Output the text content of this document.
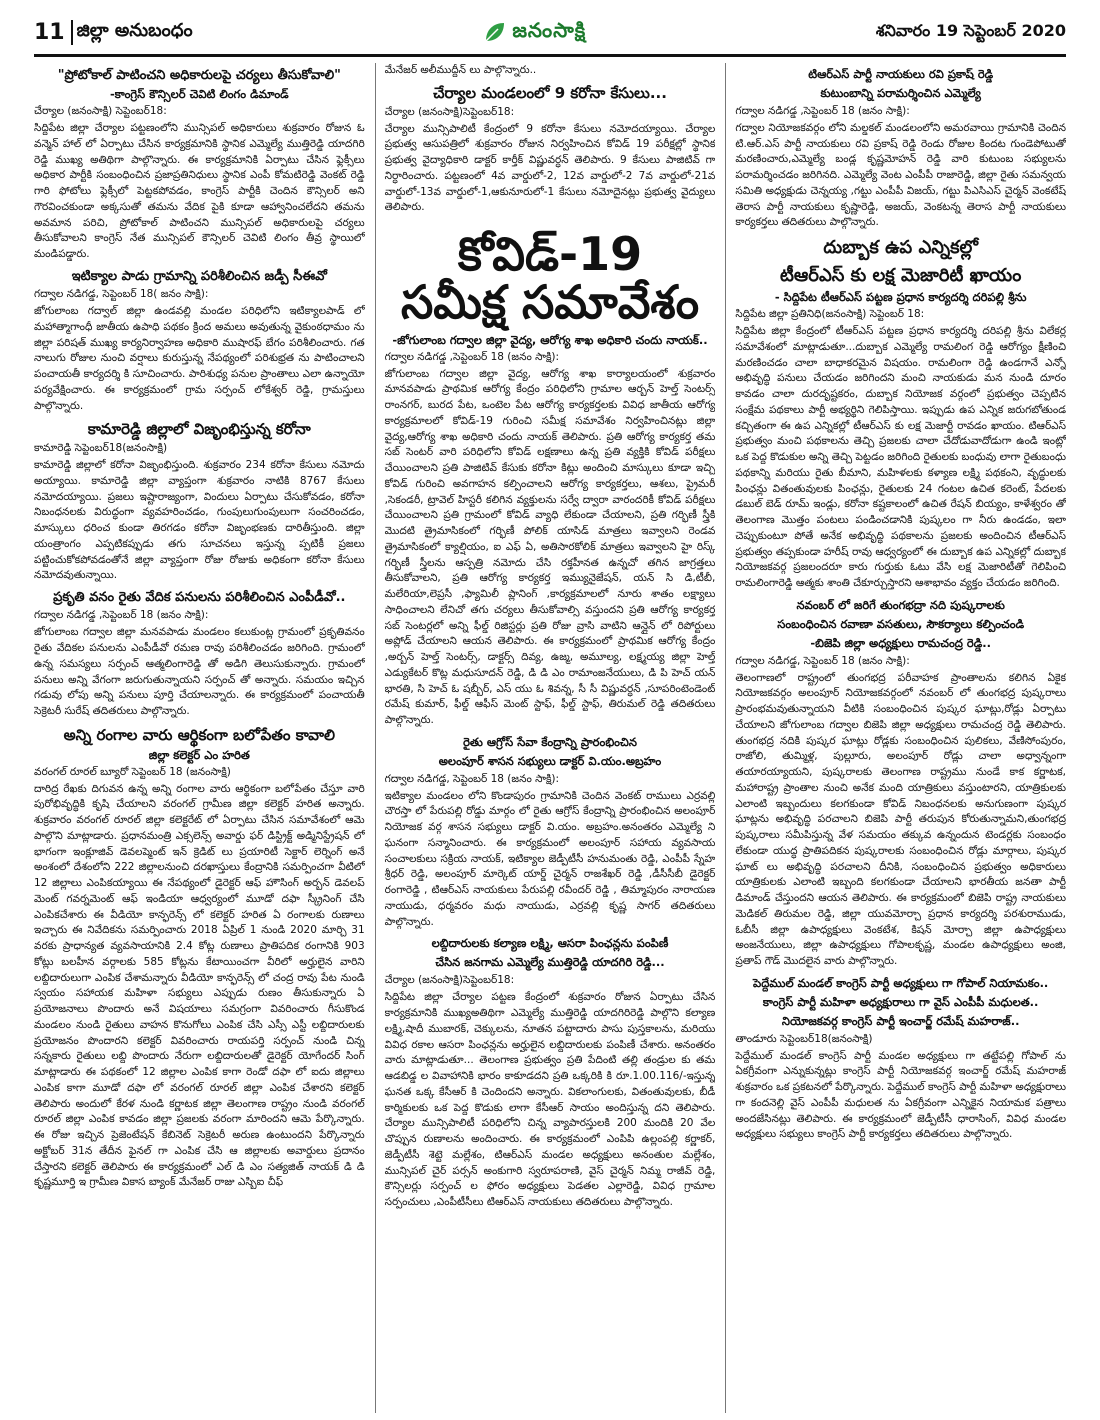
11 జిల్లా అనుబంధం	జనంసాక్షి	శనివారం 19 సెప్టెంబర్ 2020
"ప్రోటోకాల్ పాటించని అధికారులపై చర్యలు తీసుకోవాలి"
-కాంగ్రెస్ కౌన్సిలర్ చెవిటి లింగం డిమాండ్
చేర్యాల (జనంసాక్షి) సెప్టెంబర్18:

సిద్దిపేట జిల్లా చేర్యాల పట్టణంలోని మున్సిపల్ అధికారులు శుక్రవారం రోజున ఓ వన్మెన్ హాల్ లో ఏర్పాటు చేసిన కార్యక్రమానికి స్థానిక ఎమ్మెల్యే ముత్తిరెడ్డి యాదగిరి రెడ్డి ముఖ్య అతిథిగా పాల్గొన్నారు. ఈ కార్యక్రమానికి ఏర్పాటు చేసిన ఫ్లెక్సీలు అధికార పార్టీకి సంబంధించిన ప్రజాప్రతినిధులు స్థానిక ఎంపీ కోమటిరెడ్డి వెంకట్ రెడ్డి గారి ఫోటోలు ఫ్లెక్సీలో పెట్టకపోవడం, కాంగ్రెస్ పార్టీకి చెందిన కౌన్సిలర్ అని గౌరవించకుండా అక్కసుతో తమను వేదిక పైకి కూడా ఆహ్వానించలేదని తమను అవమాన పరిచి, ప్రోటోకాల్ పాటించని మున్సిపల్ అధికారులపై చర్యలు తీసుకోవాలని కాంగ్రెస్ నేత మున్సిపల్ కౌన్సిలర్ చెవిటి లింగం తీవ్ర స్థాయిలో మండిపడ్డారు.

ఇటిక్యాల పాడు గ్రామాన్ని పరిశీలించిన జడ్పీ సీఈవో
గద్వాల నడిగడ్డ, సెప్టెంబర్ 18( జనం సాక్షి):

జోగులాంబ గద్వాల్ జిల్లా ఉండవల్లి మండల పరిధిలోని ఇటిక్యాలపాడ్ లో మహాత్మాగాంధీ జాతీయ ఉపాధి పథకం క్రింద అమలు అవుతున్న వైకుంఠధామం ను జిల్లా పరిషత్ ముఖ్య కార్యనిర్వాహణ అధికారి ముషారఫ్ బేగం పరిశీలించారు. గత నాలుగు రోజుల నుంచి వర్షాలు కురుస్తున్న నేపథ్యంలో పరిశుభ్రత ను పాటించాలని పంచాయతీ కార్యదర్శి కి సూచించారు. పారిశుధ్య పనుల ప్రాంతాలు ఎలా ఉన్నాయో పర్యవేక్షించారు. ఈ కార్యక్రమంలో గ్రామ సర్పంచ్ లోకేశ్వర్ రెడ్డి, గ్రామస్తులు పాల్గొన్నారు.

కామారెడ్డి జిల్లాలో విజృంభిస్తున్న కరోనా
కామారెడ్డి సెప్టెంబర్18(జనంసాక్షి)

కామారెడ్డి జిల్లాలో కరోనా విజృంభిస్తుంది. శుక్రవారం 234 కరోనా కేసులు నమోదు అయ్యాయి. కామారెడ్డి జిల్లా వ్యాప్తంగా శుక్రవారం నాటికి 8767 కేసులు నమోదయ్యాయి. ప్రజలు ఇష్టారాజ్యంగా, విందులు ఏర్పాటు చేసుకోవడం, కరోనా నిబంధనలకు విరుద్ధంగా వ్యవహరించడం, గుంపులుగుంపులుగా సంచరించడం, మాస్కులు ధరించ కుండా తిరగడం కరోనా విజృంభణకు దారితీస్తుంది. జిల్లా యంత్రాంగం ఎప్పటికప్పుడు తగు సూచనలు ఇస్తున్న ప్పటికీ ప్రజలు పట్టించుకోకపోవడంతోనే జిల్లా వ్యాప్తంగా రోజు రోజుకు అధికంగా కరోనా కేసులు నమోదవుతున్నాయి.

ప్రకృతి వనం రైతు వేదిక పనులను పరిశీలించిన ఎంపీడీవో..
గద్వాల నడిగడ్డ ,సెప్టెంబర్ 18 (జనం సాక్షి):

జోగులాంబ గద్వాల జిల్లా మనవపాడు మండలం కలుకుంట్ల గ్రామంలో ప్రకృతివనం రైతు వేదికల పనులను ఎంపీడీవో రమణ రావు పరిశీలించడం జరిగింది. గ్రామంలో ఉన్న సమస్యలు సర్పంచ్ ఆత్మలింగారెడ్డి తో అడిగి తెలుసుకున్నారు. గ్రామంలో పనులు అన్ని వేగంగా జరుగుతున్నాయని సర్పంచ్ తో అన్నారు. సమయం ఇచ్చిన గడువు లోపు అన్ని పనులు పూర్తి చేయాలన్నారు. ఈ కార్యక్రమంలో పంచాయతీ సెక్రెటరీ సురేష్ తదితరులు పాల్గొన్నారు.

అన్ని రంగాల వారు ఆర్థికంగా బలోపేతం కావాలి
జిల్లా కలెక్టర్ ఎం హరిత
వరంగల్ రూరల్ బ్యూరో సెప్టెంబర్ 18 (జనంసాక్షి)

దారిద్ర రేఖకు దిగువన ఉన్న అన్ని రంగాల వారు ఆర్థికంగా బలోపేతం చేస్తూ వారి పురోభివృద్ధికి కృషి చేయాలని వరంగల్ గ్రామీణ జిల్లా కలెక్టర్ హరిత అన్నారు. శుక్రవారం వరంగల్ రూరల్ జిల్లా కలెక్టరేట్ లో ఏర్పాటు చేసిన సమావేశంలో ఆమె పాల్గొని మాట్లాడారు. ప్రధానమంత్రి ఎక్సలెన్స్ అవార్డు ఫర్ డిస్ట్రిక్ట్ అడ్మినిస్ట్రేషన్ లో భాగంగా ఇంక్లూజివ్ డెవలప్మెంట్ ఇన్ క్రెడిట్ లు ప్రయారిటీ సెక్టార్ లెర్నింగ్ అనే అంశంలో దేశంలోని 222 జిల్లాలనుంచి దరఖాస్తులు కేంద్రానికి సమర్పించగా వీటిలో 12 జిల్లాలు ఎంపికయ్యాయి ఈ నేపథ్యంలో డైరెక్టర్ ఆఫ్ హౌసింగ్ అర్బన్ డెవలప్ మెంట్ గవర్నమెంట్ ఆఫ్ ఇండియా ఆధ్వర్యంలో మూడో దఫా స్క్రీనింగ్ చేసి ఎంపికచేశారు ఈ వీడియో కాన్ఫరెన్స్ లో కలెక్టర్ హరిత ఏ రంగాలకు రుణాలు ఇచ్చారు ఈ నివేదికను సమర్పించారు 2018 ఏప్రిల్ 1 నుండి 2020 మార్చి 31 వరకు ప్రాధాన్యత వ్యవసాయానికి 2.4 కోట్ల రుణాలు ప్రాతిపదిక రంగానికి 903 కోట్లు బలహీన వర్గాలకు 585 కోట్లను కేటాయించగా వీరిలో అర్హులైన వారిని లబ్దిదారులుగా ఎంపిక చేశామన్నారు వీడియో కాన్ఫరెన్స్ లో చంద్ర రావు పేట నుండి స్వయం సహాయక మహిళా సభ్యులు ఎప్పుడు రుణం తీసుకున్నారు ఏ ప్రయోజనాలు పొందారు అనే విషయాలు సమగ్రంగా వివరించారు గీసుకొండ మండలం నుండి రైతులు వాహన కొనుగోలు ఎంపిక చేసి ఎస్సీ ఎస్టీ లబ్దిదారులకు ప్రయోజనం పొందారని కలెక్టర్ వివరించారు రాయపర్తి సర్పంచ్ నుండి చిన్న సన్నకారు రైతులు లబ్ది పొందారు నేరుగా లబ్దిదారులతో డైరెక్టర్ యోగేందర్ సింగ్ మాట్లాడారు ఈ పథకంలో 12 జిల్లాల ఎంపిక కాగా రెండో దఫా లో ఐదు జిల్లాలు ఎంపిక కాగా మూడో దఫా లో వరంగల్ రూరల్ జిల్లా ఎంపిక చేశారని కలెక్టర్ తెలిపారు అందులో కేరళ నుండి కర్ణాటక జిల్లా తెలంగాణ రాష్ట్రం నుండి వరంగల్ రూరల్ జిల్లా ఎంపిక కావడం జిల్లా ప్రజలకు వరంగా మారిందని ఆమె పేర్కొన్నారు. ఈ రోజు ఇచ్చిన ప్రెజెంటేషన్ కేబినెట్ సెక్రెటరీ అరుణ ఉంటుందని పేర్కొన్నారు అక్టోబర్ 31న తేదీన ఫైనల్ గా ఎంపిక చేసి ఆ జిల్లాలకు అవార్డులు ప్రదానం చేస్తారని కలెక్టర్ తెలిపారు ఈ కార్యక్రమంలో ఎల్ డి ఎం సత్యజిత్ నాయక్ డి డి కృష్ణమూర్తి ఇ గ్రామీణ వికాస బ్యాంక్ మేనేజర్ రాజు ఎస్బిఐ చీఫ్

మేనేజర్ అలీముద్దీన్ లు పాల్గొన్నారు..

చేర్యాల మండలంలో 9 కరోనా కేసులు...
చేర్యాల (జనంసాక్షి)సెప్టెంబర్18:

చేర్యాల మున్సిపాలిటీ కేంద్రంలో 9 కరోనా కేసులు నమోదయ్యాయి. చేర్యాల ప్రభుత్వ ఆసుపత్రిలో శుక్రవారం రోజున నిర్వహించిన కోవిడ్ 19 పరీక్షల్లో స్థానిక ప్రభుత్వ వైద్యాధికారి డాక్టర్ కార్తీక్ విష్ణువర్ధన్ తెలిపారు. 9 కేసులు పాజిటివ్ గా నిర్ధారించారు. పట్టణంలో 4వ వార్డులో-2, 12వ వార్డులో-2 7వ వార్డులో-21వ వార్డులో-13వ వార్డులో-1,ఆకునూరులో-1 కేసులు నమోదైనట్లు ప్రభుత్వ వైద్యులు తెలిపారు.

కోవిడ్-19
సమీక్ష సమావేశం
-జోగులాంబ గద్వాల జిల్లా వైద్య, ఆరోగ్య శాఖ అధికారి చందు నాయక్..
గద్వాల నడిగడ్డ ,సెప్టెంబర్ 18 (జనం సాక్షి):

జోగులాంబ గద్వాల జిల్లా వైద్య, ఆరోగ్య శాఖ కార్యాలయంలో శుక్రవారం మానవపాడు ప్రాథమిక ఆరోగ్య కేంద్రం పరిధిలోని గ్రామాల ఆర్బన్ హెల్త్ సెంటర్స్ రాంనగర్, బురద పేట, ఒంటెల పేట ఆరోగ్య కార్యకర్తలకు వివిధ జాతీయ ఆరోగ్య కార్యక్రమాలలో కోవిడ్-19 గురించి సమీక్ష సమావేశం నిర్వహించినట్లు జిల్లా వైద్య,ఆరోగ్య శాఖ అధికారి చందు నాయక్ తెలిపారు. ప్రతి ఆరోగ్య కార్యకర్త తమ సబ్ సెంటర్ వారి పరిధిలోని కోవిడ్ లక్షణాలు ఉన్న ప్రతి వ్యక్తికి కోవిడ్ పరీక్షలు చేయించాలని ప్రతి పాజిటివ్ కేసుకు కరోనా కిట్లు అందించి మాస్కులు కూడా ఇచ్చి కోవిడ్ గురించి అవగాహన కల్పించాలని ఆరోగ్య కార్యకర్తలు, ఆశలు, ప్రైమరీ ,సెకండరీ, ట్రావెల్ హిస్టరీ కలిగిన వ్యక్తులను సర్వే ద్వారా వారందరికీ కోవిడ్ పరీక్షలు చేయించాలని ప్రతి గ్రామంలో కోవిడ్ వ్యాధి లేకుండా చేయాలని, ప్రతి గర్భిణీ స్త్రీకి మొదటి త్రైమాసికంలో గర్భిణీ పోలిక్ యాసిడ్ మాత్రలు ఇవ్వాలని రెండవ త్రైమాసికంలో క్యాల్షియం, ఐ ఎఫ్ ఏ, అతిసారకోలిక్ మాత్రలు ఇవ్వాలని హై రిస్క్ గర్భిణీ స్త్రీలను ఆస్పత్రి నమోదు చేసి రక్తహీనత ఉన్నచో తగిన జాగ్రత్తలు తీసుకోవాలని, ప్రతి ఆరోగ్య కార్యకర్త ఇమ్యునైజేషన్, యన్ సి డి,టీబీ, మలేరియా,లెప్రసీ ,ఫ్యామిలీ ప్లానింగ్ ,కార్యక్రమాలలో నూరు శాతం లక్ష్యాలు సాధించాలని లేనిచో తగు చర్యలు తీసుకోవాల్సి వస్తుందని ప్రతి ఆరోగ్య కార్యకర్త సబ్ సెంటర్లలో అన్ని ఫీల్డ్ రిజిస్టర్లు ప్రతి రోజు వ్రాసి వాటిని ఆన్లైన్ లో రిపోర్టులు అప్లోడ్ చేయాలని ఆయన తెలిపారు. ఈ కార్యక్రమంలో ప్రాథమిక ఆరోగ్య కేంద్రం ,అర్బన్ హెల్త్ సెంటర్స్, డాక్టర్స్ దివ్య, ఉజ్మ, అమూల్య, లక్ష్మయ్య జిల్లా హెల్త్ ఎడ్యుకేటర్ కొట్ల మధుసూదన్ రెడ్డి, డి డి ఎం రామాంజనేయులు, డి పి హెచ్ యన్ భారతి, సి హెచ్ ఓ షబ్బీర్, ఎస్ యు ఓ శివన్న, సీ సీ విష్ణువర్ధన్ ,సూపరింటెండెంట్ రమేష్ కుమార్, ఫీల్డ్ ఆఫీస్ మెంట్ స్టాఫ్, ఫీల్డ్ స్టాఫ్, తిరుమల్ రెడ్డి తదితరులు పాల్గొన్నారు.

రైతు ఆగ్రోస్ సేవా కేంద్రాన్ని ప్రారంభించిన
అలంపూర్ శాసన సభ్యులు డాక్టర్ వి.యం.అబ్రహం
గద్వాల నడిగడ్డ, సెప్టెంబర్ 18 (జనం సాక్షి):

ఇటిక్యాల మండలం లోని కొండాపురం గ్రామానికి చెందిన వెంకట్ రాములు ఎర్రవల్లి చౌరస్తా లో పేరుపల్లి రోడ్డు మార్గం లో రైతు ఆగ్రోస్ కేంద్రాన్ని ప్రారంభించిన అలంపూర్ నియోజక వర్గ శాసన సభ్యులు డాక్టర్ వి.యం. అబ్రహం.అనంతరం ఎమ్మెల్యే ని ఘనంగా సన్మానించారు. ఈ కార్యక్రమంలో అలంపూర్ సహాయ వ్యవసాయ సంచాలకులు సక్రియ నాయక్, ఇటిక్యాల జెడ్పీటీసీ హనుమంతు రెడ్డి, ఎంపీపీ స్నేహ శ్రీధర్ రెడ్డి, అలంపూర్ మార్కెట్ యార్డ్ చైర్మన్ రాజశేఖర్ రెడ్డి ,డీసీసీబీ డైరెక్టర్ రంగారెడ్డి , టిఆర్ఎస్ నాయకులు పేరుపల్లి రవీందర్ రెడ్డి , తిమ్మాపురం నారాయణ నాయుడు, ధర్మవరం మధు నాయుడు, ఎర్రవల్లి కృష్ణ సాగర్ తదితరులు పాల్గొన్నారు.

లబ్దిదారులకు కల్యాణ లక్ష్మి, ఆసరా పింఛన్లను పంపిణీ
చేసిన జనగామ ఎమ్మెల్యే ముత్తిరెడ్డి యాదగిరి రెడ్డి...
చేర్యాల (జనంసాక్షి)సెప్టెంబర్18:

సిద్దిపేట జిల్లా చేర్యాల పట్టణ కేంద్రంలో శుక్రవారం రోజున ఏర్పాటు చేసిన కార్యక్రమానికి ముఖ్యఅతిథిగా ఎమ్మెల్యే ముత్తిరెడ్డి యాదగిరిరెడ్డి పాల్గొని కల్యాణ లక్ష్మి,షాదీ ముబారక్, చెక్కులను, నూతన పట్టాదారు పాసు పుస్తకాలను, మరియు వివిధ రకాల ఆసరా పింఛన్లను అర్హులైన లబ్దిదారులకు పంపిణీ చేశారు. అనంతరం వారు మాట్లాడుతూ... తెలంగాణ ప్రభుత్వం ప్రతి పేదింటి తల్లి తండ్రుల కు తమ ఆడబిడ్డ ల వివాహానికి భారం కాకూడదని ప్రతి ఒక్కరికి కి రూ.1.00.116/-ఇస్తున్న ఘనత ఒక్క కేసీఆర్ కి చెందిందని అన్నారు. వికలాంగులకు, వితంతువులకు, బీడీ కార్మికులకు ఒక పెద్ద కొడుకు లాగా కేసీఆర్ సాయం అందిస్తున్న దని తెలిపారు. చేర్యాల మున్సిపాలిటీ పరిధిలోని చిన్న వ్యాపారస్తులకి 200 మందికి 20 వేల చొప్పున రుణాలను అందించారు. ఈ కార్యక్రమంలో ఎంపిపి ఉల్లంపల్లి కర్ణాకర్, జెడ్పీటీసీ శెట్టె మల్లేశం, టిఆర్ఎస్ మండల అధ్యక్షులు అనంతుల మల్లేశం, మున్సిపల్ చైర్ పర్సన్ అంకుగారి స్వరూపరాణి, వైస్ చైర్మన్ నిమ్మ రాజీవ్ రెడ్డి, కౌన్సిలర్లు సర్పంచ్ ల ఫోరం అధ్యక్షులు పెడతల ఎల్లారెడ్డి, వివిధ గ్రామాల సర్పంచులు ,ఎంపీటీసీలు టిఆర్ఎస్ నాయకులు తదితరులు పాల్గొన్నారు.

టిఆర్ఎస్ పార్టీ నాయకులు రవి ప్రకాష్ రెడ్డి
కుటుంబాన్ని పరామర్శించిన ఎమ్మెల్యే
గద్వాల నడిగడ్డ ,సెప్టెంబర్ 18 (జనం సాక్షి):

గద్వాల నియోజకవర్గం లోని మల్డకల్ మండలంలోని అమరవాయి గ్రామానికి చెందిన టి.ఆర్.ఎస్ పార్టీ నాయకులు రవి ప్రకాష్ రెడ్డి రెండు రోజుల కిందట గుండెపోటుతో మరణించారు,ఎమ్మెల్యే బండ్ల కృష్ణమోహన్ రెడ్డి వారి కుటుంబ సభ్యులను పరామర్శించడం జరిగినది. ఎమ్మెల్యే వెంట ఎంపీపీ రాజారెడ్డి, జిల్లా రైతు సమన్వయ సమితి అధ్యక్షుడు చెన్నయ్య ,గట్టు ఎంపీపీ విజయ్, గట్టు పిఎసిఎస్ చైర్మన్ వెంకటేష్ తెరాస పార్టీ నాయకులు కృష్ణారెడ్డి, అజయ్, వెంకటన్న తెరాస పార్టీ నాయకులు కార్యకర్తలు తదితరులు పాల్గొన్నారు.

దుబ్బాక ఉప ఎన్నికల్లో
టీఆర్ఎస్ కు లక్ష మెజారిటీ ఖాయం
- సిద్దిపేట టీఆర్ఎస్ పట్టణ ప్రధాన కార్యదర్శి దరిపల్లి శ్రీను
సిద్దిపేట జిల్లా ప్రతినిధి(జనంసాక్షి) సెప్టెంబర్ 18:

సిద్దిపేట జిల్లా కేంద్రంలో టీఆర్ఎస్ పట్టణ ప్రధాన కార్యదర్శి దరిపల్లి శ్రీను విలేకర్ల సమావేశంలో మాట్లాడుతూ...దుబ్బాక ఎమ్మెల్యే రామలింగ రెడ్డి ఆరోగ్యం క్షీణించి మరణించడం చాలా బాధాకరమైన విషయం. రామలింగా రెడ్డి ఉండగానే ఎన్నో అభివృద్ధి పనులు చేయడం జరిగిందని మంచి నాయకుడు మన నుండి దూరం కావడం చాలా దురదృష్టకరం, దుబ్బాక నియోజక వర్గంలో ప్రభుత్వం చెప్పటిన సంక్షేమ పథకాలు పార్టీ అభ్యర్థిని గెలిపిస్తాయి. ఇప్పుడు ఉప ఎన్నిక జరుగబోతుండ కచ్చితంగా ఈ ఉప ఎన్నికల్లో టీఆర్ఎస్ కు లక్ష మెజార్టీ రావడం ఖాయం. టిఆర్ఎస్ ప్రభుత్వం మంచి పథకాలను తెచ్చి ప్రజలకు చాలా చేదోడువాదోడుగా ఉండి ఇంట్లో ఒక పెద్ద కొడుకుల అన్ని తెచ్చి పెట్టడం జరిగింది రైతులకు బంధువు లాగా రైతుబంధు పథకాన్ని మరియు రైతు బీమాని, మహిళలకు కళ్యాణ లక్ష్మి పథకంని, వృద్ధులకు పింఛన్లు వితంతువులకు పింఛన్లు, రైతులకు 24 గంటల ఉచిత కరెంట్, పేదలకు డబుల్ బెడ్ రూమ్ ఇండ్లు, కరోనా కష్టకాలంలో ఉచిత రేషన్ బియ్యం, కాళేశ్వరం తో తెలంగాణ మొత్తం పంటలు పండించడానికి పుష్కలం గా నీరు ఉండడం, ఇలా చెప్పుకుంటూ పోతే అనేక అభివృద్ధి పథకాలను ప్రజలకు అందించిన టీఆర్ఎస్ ప్రభుత్వం తప్పకుండా హరీష్ రావు ఆధ్వర్యంలో ఈ దుబ్బాక ఉప ఎన్నికల్లో దుబ్బాక నియోజకవర్గ ప్రజలందరూ కారు గుర్తుకు ఓటు వేసి లక్ష మెజారిటీతో గెలిపించి రామలింగారెడ్డి ఆత్మకు శాంతి చేకూర్చుస్తారని ఆశాభావం వ్యక్తం చేయడం జరిగింది.

నవంబర్ లో జరిగే తుంగభద్రా నది పుష్కరాలకు
సంబంధించిన రవాణా వసతులు, సౌకర్యాలు కల్పించండి
-బిజెపి జిల్లా అధ్యక్షులు రామచంద్ర రెడ్డి..
గద్వాల నడిగడ్డ, సెప్టెంబర్ 18 (జనం సాక్షి):

తెలంగాణలో రాష్ట్రంలో తుంగభద్ర పరీవాహక ప్రాంతాలను కలిగిన ఏకైక నియోజకవర్గం అలంపూర్ నియోజకవర్గంలో నవంబర్ లో తుంగభద్ర పుష్కరాలు ప్రారంభమవుతున్నాయని వీటికి సంబంధించిన పుష్కర ఘాట్లు,రోడ్లు ఏర్పాటు చేయాలని జోగులాంబ గద్వాల బిజెపి జిల్లా అధ్యక్షులు రామచంద్ర రెడ్డి తెలిపారు. తుంగభద్ర నదికి పుష్కర ఘాట్లు రోడ్లకు సంబంధించిన పులికలు, వేణిసోంపురం, రాజోలి, తుమ్మిళ్ల, పుల్లూరు, అలంపూర్ రోడ్లు చాలా అధ్వాన్నంగా తయారయ్యాయని, పుష్కరాలకు తెలంగాణ రాష్ట్రము నుండే కాక కర్ణాటక, మహారాష్ట్ర ప్రాంతాల నుంచి అనేక మంది యాత్రికులు వస్తుంటారని, యాత్రికులకు ఎలాంటి ఇబ్బందులు కలగకుండా కోవిడ్ నిబంధనలకు అనుగుణంగా పుష్కర ఘాట్లను అభివృద్ధి పరచాలని బిజెపి పార్టీ తరుపున కోరుతున్నామని,తుంగభద్ర పుష్కరాలు సమీపిస్తున్న వేళ సమయం తక్కువ ఉన్నందున టెండర్లకు సంబంధం లేకుండా యుద్ధ ప్రాతిపదికన పుష్కరాలకు సంబంధించిన రోడ్లు మార్గాలు, పుష్కర ఘాట్ లు అభివృద్ధి పరచాలని దీనికి, సంబంధించిన ప్రభుత్వం అధికారులు యాత్రికులకు ఎలాంటి ఇబ్బంది కలగకుండా చేయాలని భారతీయ జనతా పార్టీ డిమాండ్ చేస్తుందని ఆయన తెలిపారు. ఈ కార్యక్రమంలో బిజెపి రాష్ట్ర నాయకులు మెడికల్ తిరుమల రెడ్డి, జిల్లా యువమోర్చా ప్రధాన కార్యదర్శి పరశురాముడు, ఓబీసీ జిల్లా ఉపాధ్యక్షులు వెంకటేశ, కిషన్ మోర్చా జిల్లా ఉపాధ్యక్షులు అంజనేయులు, జిల్లా ఉపాధ్యక్షులు గోపాలకృష్ణ, మండల ఉపాధ్యక్షులు అంజి, ప్రతాప్ గౌడ్ మొదలైన వారు పాల్గొన్నారు.

పెద్దేముల్ మండల్ కాంగ్రెస్ పార్టీ అధ్యక్షులు గా గోపాల్ నియామకం..
కాంగ్రెస్ పార్టీ మహిళా అధ్యక్షురాలు గా వైస్ ఎంపీపీ మధులత..
నియోజకవర్గ కాంగ్రెస్ పార్టీ ఇంచార్జ్ రమేష్ మహరాజ్..
తాండూరు సెప్టెంబర్18(జనంసాక్షి)

పెద్దేముల్ మండల్ కాంగ్రెస్ పార్టీ మండల అధ్యక్షులు గా తట్టేపల్లి గోపాల్ ను ఏకగ్రీవంగా ఎన్నుకున్నట్లు కాంగ్రెస్ పార్టీ నియోజకవర్గ ఇంచార్జ్ రమేష్ మహరాజ్ శుక్రవారం ఒక ప్రకటనలో పేర్కొన్నారు. పెద్దేముల్ కాంగ్రెస్ పార్టీ మహిళా అధ్యక్షురాలు గా కందనెల్లి వైస్ ఎంపీపీ మధులత ను ఏకగ్రీవంగా ఎన్నికైన నియామక పత్రాలు అందజేసినట్లు తెలిపారు. ఈ కార్యక్రమంలో జెడ్పీటీసీ ధారాసింగ్, వివిధ మండల అధ్యక్షులు సభ్యులు కాంగ్రెస్ పార్టీ కార్యకర్తలు తదితరులు పాల్గొన్నారు.
